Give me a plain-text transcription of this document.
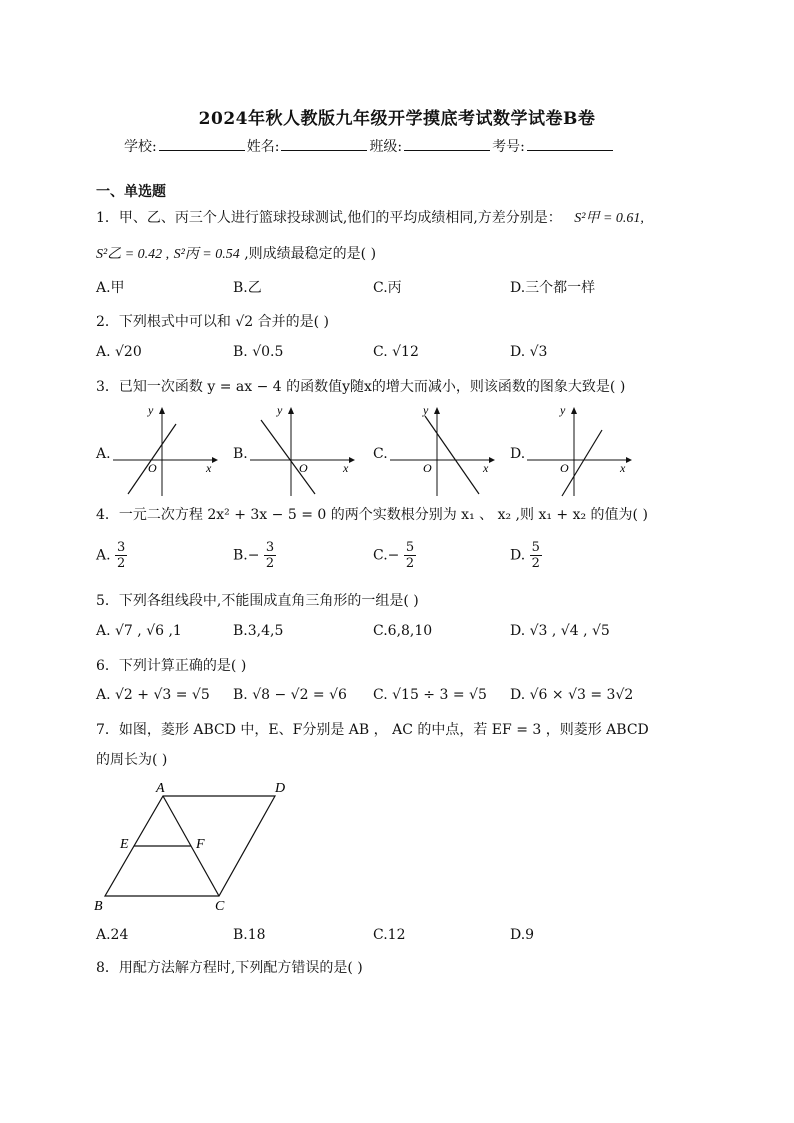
2024年秋人教版九年级开学摸底考试数学试卷B卷
学校:	姓名:	班级:	考号:
一、单选题
1．甲、乙、丙三个人进行篮球投球测试,他们的平均成绩相同,方差分别是： S²甲 = 0.61,
S²乙 = 0.42 , S²丙 = 0.54 ,则成绩最稳定的是( )
A.甲	B.乙	C.丙	D.三个都一样
2．下列根式中可以和 √2 合并的是( )
A. √20	B. √0.5	C. √12	D. √3
3．已知一次函数 y = ax − 4 的函数值y随x的增大而减小，则该函数的图象大致是( )
A.
y
x
O
B.
y
x
O
C.
y
x
O
D.
y
x
O
4．一元二次方程 2x² + 3x − 5 = 0 的两个实数根分别为 x₁ 、 x₂ ,则 x₁ + x₂ 的值为( )
A. $\frac{3}{2}$	$B.- \frac{3}{2}$	$C.- \frac{5}{2}$	D. $\frac{5}{2}$
5．下列各组线段中,不能围成直角三角形的一组是( )
A. √7 , √6 ,1	B.3,4,5	C.6,8,10	D. √3 , √4 , √5
6．下列计算正确的是( )
A. √2 + √3 = √5 B. √8 − √2 = √6 C. √15 ÷ 3 = √5 D. √6 × √3 = 3√2
7．如图，菱形 ABCD 中，E、F分别是 AB ， AC 的中点，若 EF = 3 ，则菱形 ABCD
的周长为( )
A	D
E	F
B	C
A.24	B.18	C.12	D.9
8．用配方法解方程时,下列配方错误的是( )
